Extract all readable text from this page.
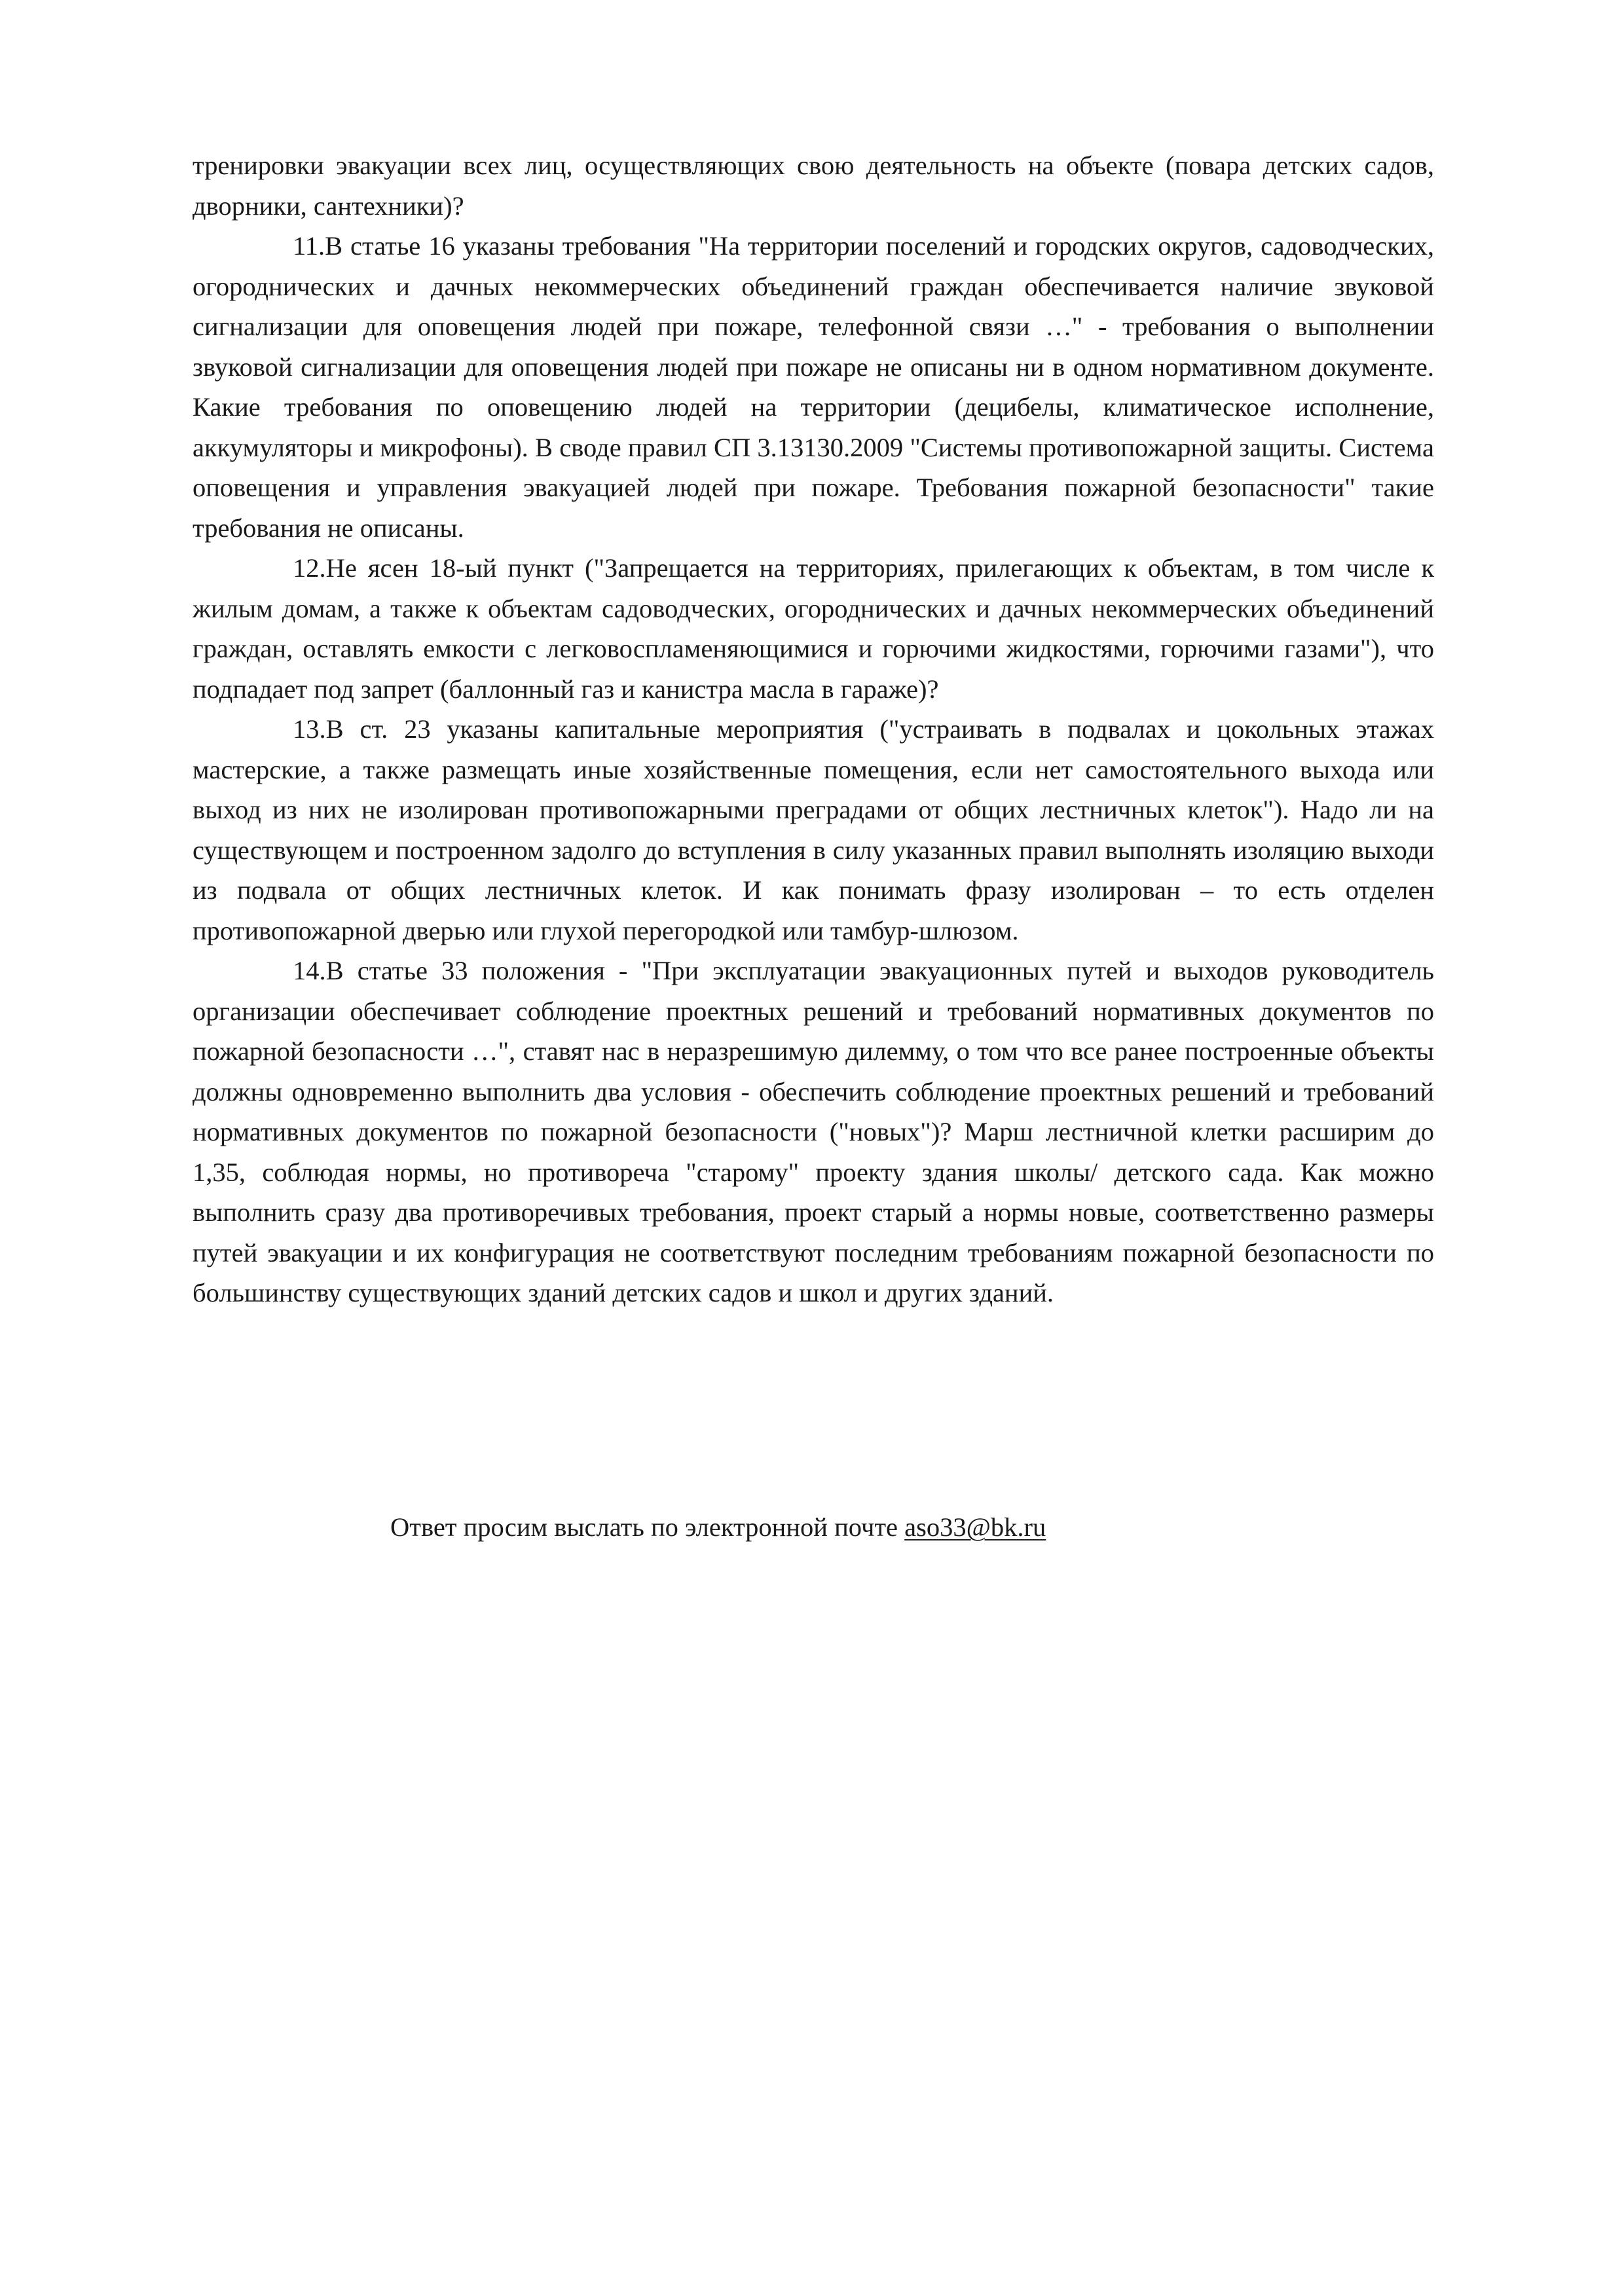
тренировки эвакуации всех лиц, осуществляющих свою деятельность на объекте (повара детских садов, дворники, сантехники)?

11.В статье 16 указаны требования "На территории поселений и городских округов, садоводческих, огороднических и дачных некоммерческих объединений граждан обеспечивается наличие звуковой сигнализации для оповещения людей при пожаре, телефонной связи …" - требования о выполнении звуковой сигнализации для оповещения людей при пожаре не описаны ни в одном нормативном документе. Какие требования по оповещению людей на территории (децибелы, климатическое исполнение, аккумуляторы и микрофоны). В своде правил СП 3.13130.2009 "Системы противопожарной защиты. Система оповещения и управления эвакуацией людей при пожаре. Требования пожарной безопасности" такие требования не описаны.

12.Не ясен 18-ый пункт ("Запрещается на территориях, прилегающих к объектам, в том числе к жилым домам, а также к объектам садоводческих, огороднических и дачных некоммерческих объединений граждан, оставлять емкости с легковоспламеняющимися и горючими жидкостями, горючими газами"), что подпадает под запрет (баллонный газ и канистра масла в гараже)?

13.В ст. 23 указаны капитальные мероприятия ("устраивать в подвалах и цокольных этажах мастерские, а также размещать иные хозяйственные помещения, если нет самостоятельного выхода или выход из них не изолирован противопожарными преградами от общих лестничных клеток"). Надо ли на существующем и построенном задолго до вступления в силу указанных правил выполнять изоляцию выходи из подвала от общих лестничных клеток. И как понимать фразу изолирован – то есть отделен противопожарной дверью или глухой перегородкой или тамбур-шлюзом.

14.В статье 33 положения - "При эксплуатации эвакуационных путей и выходов руководитель организации обеспечивает соблюдение проектных решений и требований нормативных документов по пожарной безопасности …", ставят нас в неразрешимую дилемму, о том что все ранее построенные объекты должны одновременно выполнить два условия - обеспечить соблюдение проектных решений и требований нормативных документов по пожарной безопасности ("новых")? Марш лестничной клетки расширим до 1,35, соблюдая нормы, но противореча "старому" проекту здания школы/ детского сада. Как можно выполнить сразу два противоречивых требования, проект старый а нормы новые, соответственно размеры путей эвакуации и их конфигурация не соответствуют последним требованиям пожарной безопасности по большинству существующих зданий детских садов и школ и других зданий.

Ответ просим выслать по электронной почте aso33@bk.ru
